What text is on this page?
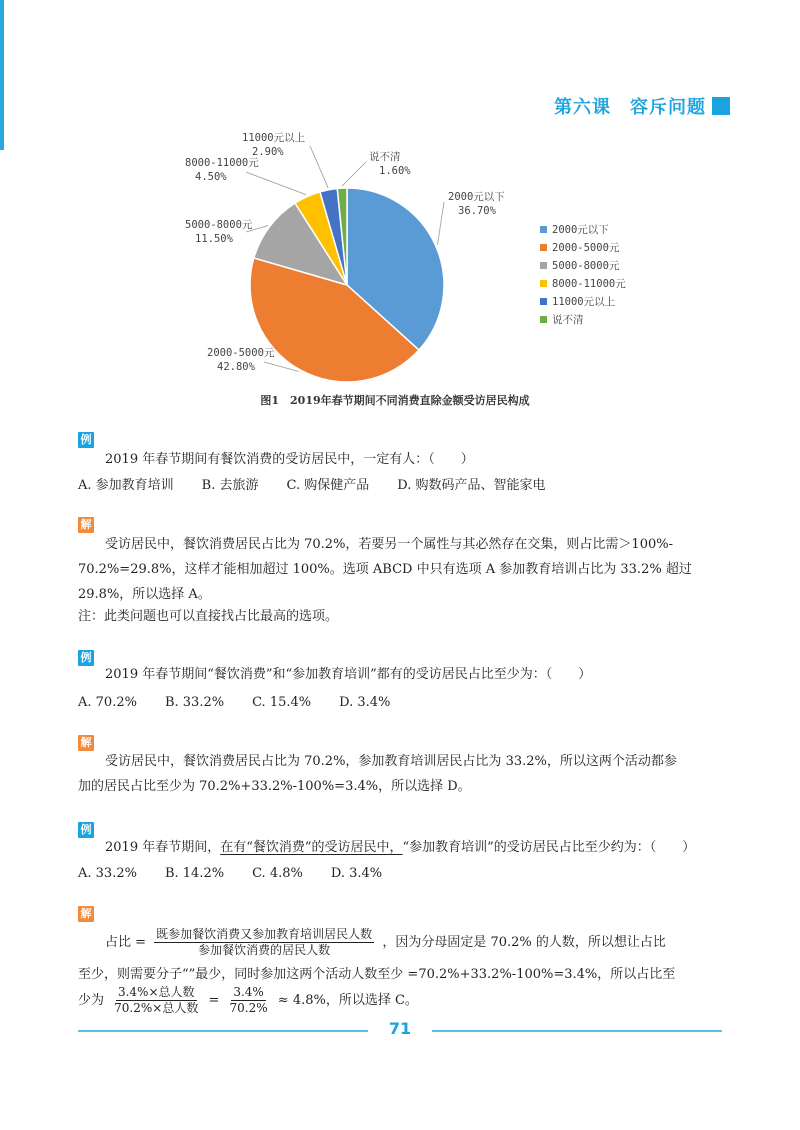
第六课　容斥问题
2000元以下
36.70%
2000元以下
2000-5000元
42.80%
2000-5000元
5000-8000元
11.50%
5000-8000元
8000-11000元
4.50%
8000-11000元
11000元以上
2.90%
11000元以上
说不清
1.60%
说不清
图1　2019年春节期间不同消费直除金额受访居民构成
例
2019 年春节期间有餐饮消费的受访居民中，一定有人：（　　）
A. 参加教育培训 B. 去旅游 C. 购保健产品 D. 购数码产品、智能家电
解
受访居民中，餐饮消费居民占比为 70.2%，若要另一个属性与其必然存在交集，则占比需＞100%-
70.2%=29.8%，这样才能相加超过 100%。选项 ABCD 中只有选项 A 参加教育培训占比为 33.2% 超过
29.8%，所以选择 A。
注：此类问题也可以直接找占比最高的选项。
例
2019 年春节期间“餐饮消费”和“参加教育培训”都有的受访居民占比至少为：（　　）
A. 70.2% B. 33.2% C. 15.4% D. 3.4%
解
受访居民中，餐饮消费居民占比为 70.2%，参加教育培训居民占比为 33.2%，所以这两个活动都参
加的居民占比至少为 70.2%+33.2%-100%=3.4%，所以选择 D。
例
2019 年春节期间，在有“餐饮消费”的受访居民中，“参加教育培训”的受访居民占比至少约为：（　　）
A. 33.2% B. 14.2% C. 4.8% D. 3.4%
解
占比 = $\frac{\text{既参加餐饮消费又参加教育培训居民人数}}{\text{参加餐饮消费的居民人数}}$ ，因为分母固定是 70.2% 的人数，所以想让占比
至少，则需要分子“”最少，同时参加这两个活动人数至少 =70.2%+33.2%-100%=3.4%，所以占比至
少为 $\frac{\text{3.4\%×总人数}}{\text{70.2\%×总人数}} = \frac{3.4\%}{70.2\%} \approx 4.8\%$，所以选择 C。
71
